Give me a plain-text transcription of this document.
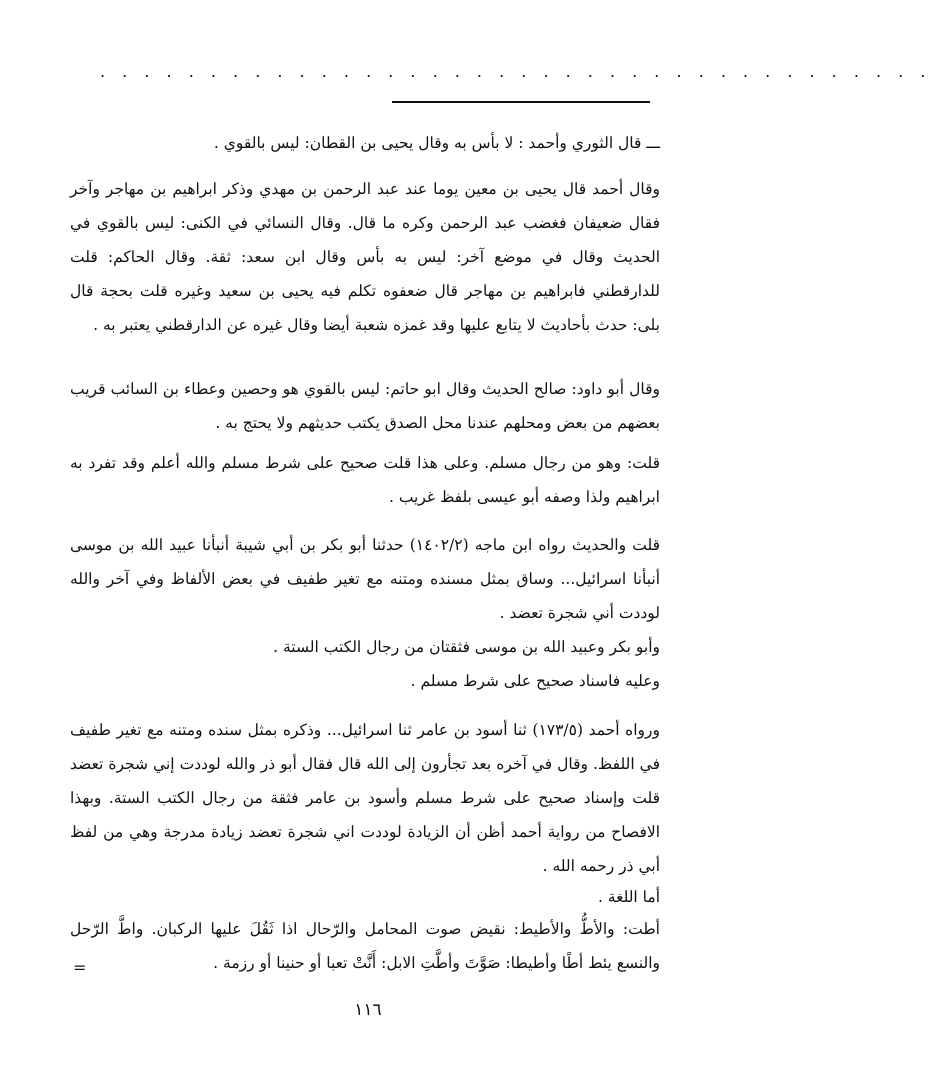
. . . . . . . . . . . . . . . . . . . . . . . . . . . . . . . . . . . . . .
ـــ قال الثوري وأحمد : لا بأس به وقال يحيى بن القطان: ليس بالقوي .
وقال أحمد قال يحيى بن معين يوما عند عبد الرحمن بن مهدي وذكر ابراهيم بن مهاجر وآخر فقال ضعيفان فغضب عبد الرحمن وكره ما قال. وقال النسائي في الكنى: ليس بالقوي في الحديث وقال في موضع آخر: ليس به بأس وقال ابن سعد: ثقة. وقال الحاكم: قلت للدارقطني فابراهيم بن مهاجر قال ضعفوه تكلم فيه يحيى بن سعيد وغيره قلت بحجة قال بلى: حدث بأحاديث لا يتابع عليها وقد غمزه شعبة أيضا وقال غيره عن الدارقطني يعتبر به .
وقال أبو داود: صالح الحديث وقال ابو حاتم: ليس بالقوي هو وحصين وعطاء بن السائب قريب بعضهم من بعض ومحلهم عندنا محل الصدق يكتب حديثهم ولا يحتج به .
قلت: وهو من رجال مسلم. وعلى هذا قلت صحيح على شرط مسلم والله أعلم وقد تفرد به ابراهيم ولذا وصفه أبو عيسى بلفظ غريب .
قلت والحديث رواه ابن ماجه (١٤٠٢/٢) حدثنا أبو بكر بن أبي شيبة أنبأنا عبيد الله بن موسى أنبأنا اسرائيل... وساق بمثل مسنده ومتنه مع تغير طفيف في بعض الألفاظ وفي آخر والله لوددت أني شجرة تعضد .
وأبو بكر وعبيد الله بن موسى فثقتان من رجال الكتب الستة .
وعليه فاسناد صحيح على شرط مسلم .
ورواه أحمد (١٧٣/٥) ثنا أسود بن عامر ثنا اسرائيل... وذكره بمثل سنده ومتنه مع تغير طفيف في اللفظ. وقال في آخره بعد تجأرون إلى الله قال فقال أبو ذر والله لوددت إني شجرة تعضد قلت وإسناد صحيح على شرط مسلم وأسود بن عامر فثقة من رجال الكتب الستة. وبهذا الافصاح من رواية أحمد أظن أن الزيادة لوددت اني شجرة تعضد زيادة مدرجة وهي من لفظ أبي ذر رحمه الله .
أما اللغة .
أطت: والأطُّ والأطيط: نقيض صوت المحامل والرّحال اذا ثَقُلَ عليها الركبان. واطَّ الرّحل والنسع يئط أطًا وأطيطا: صَوَّتَ وأطَّتِ الابل: أَنَّتْ تعبا أو حنينا أو رزمة .
=
١١٦
